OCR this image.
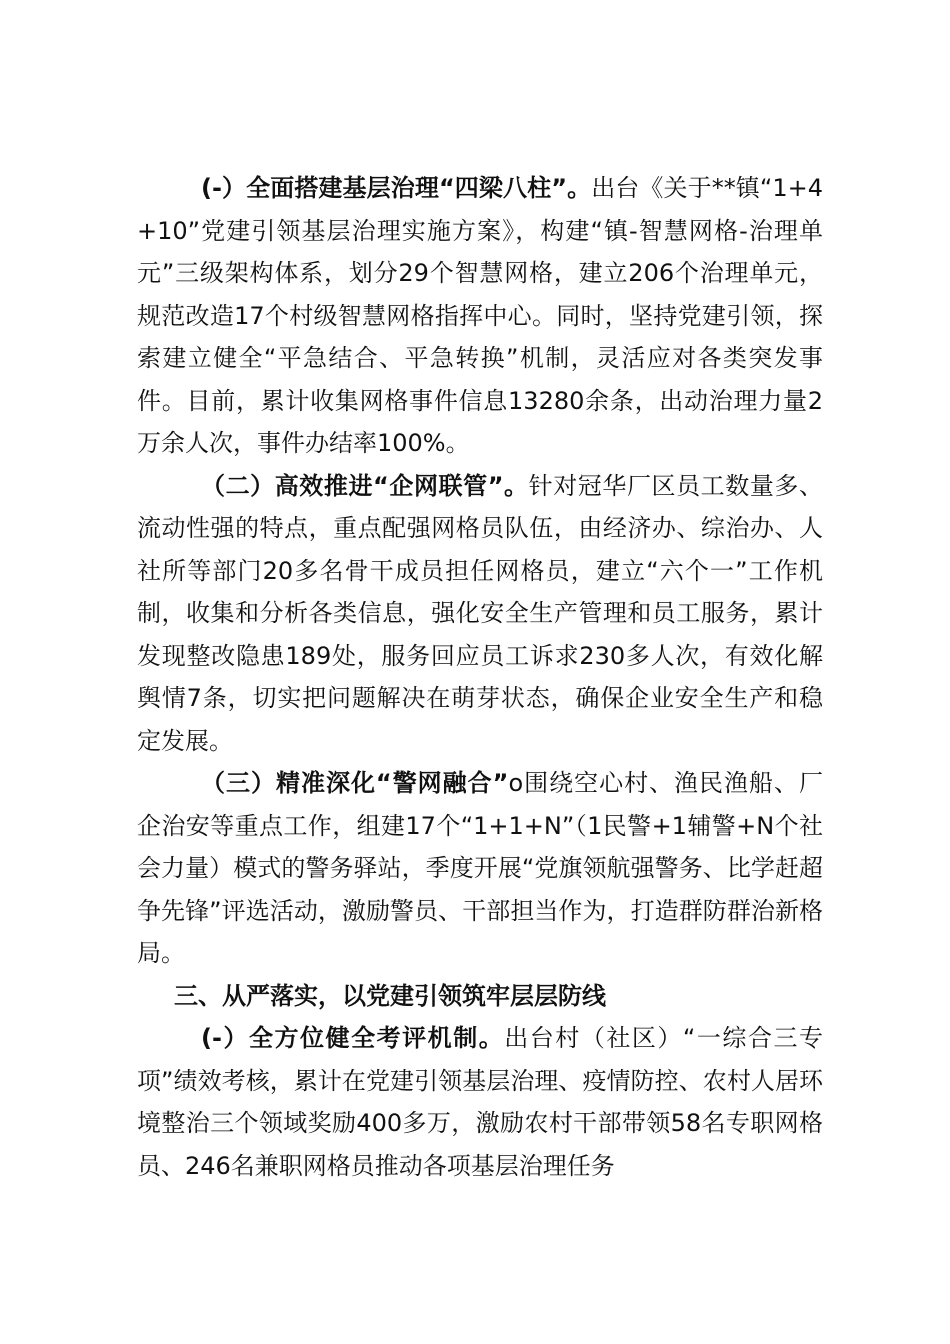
(-）全面搭建基层治理“四梁八柱”。出台《关于**镇“1+4+10”党建引领基层治理实施方案》，构建“镇-智慧网格-治理单元”三级架构体系，划分29个智慧网格，建立206个治理单元，规范改造17个村级智慧网格指挥中心。同时，坚持党建引领，探索建立健全“平急结合、平急转换”机制，灵活应对各类突发事件。目前，累计收集网格事件信息13280余条，出动治理力量2万余人次，事件办结率100%。

（二）高效推进“企网联管”。针对冠华厂区员工数量多、流动性强的特点，重点配强网格员队伍，由经济办、综治办、人社所等部门20多名骨干成员担任网格员，建立“六个一”工作机制，收集和分析各类信息，强化安全生产管理和员工服务，累计发现整改隐患189处，服务回应员工诉求230多人次，有效化解舆情7条，切实把问题解决在萌芽状态，确保企业安全生产和稳定发展。

（三）精准深化“警网融合”o围绕空心村、渔民渔船、厂企治安等重点工作，组建17个“1+1+N”（1民警+1辅警+N个社会力量）模式的警务驿站，季度开展“党旗领航强警务、比学赶超争先锋”评选活动，激励警员、干部担当作为，打造群防群治新格局。

三、从严落实，以党建引领筑牢层层防线

(-）全方位健全考评机制。出台村（社区）“一综合三专项”绩效考核，累计在党建引领基层治理、疫情防控、农村人居环境整治三个领域奖励400多万，激励农村干部带领58名专职网格员、246名兼职网格员推动各项基层治理任务
